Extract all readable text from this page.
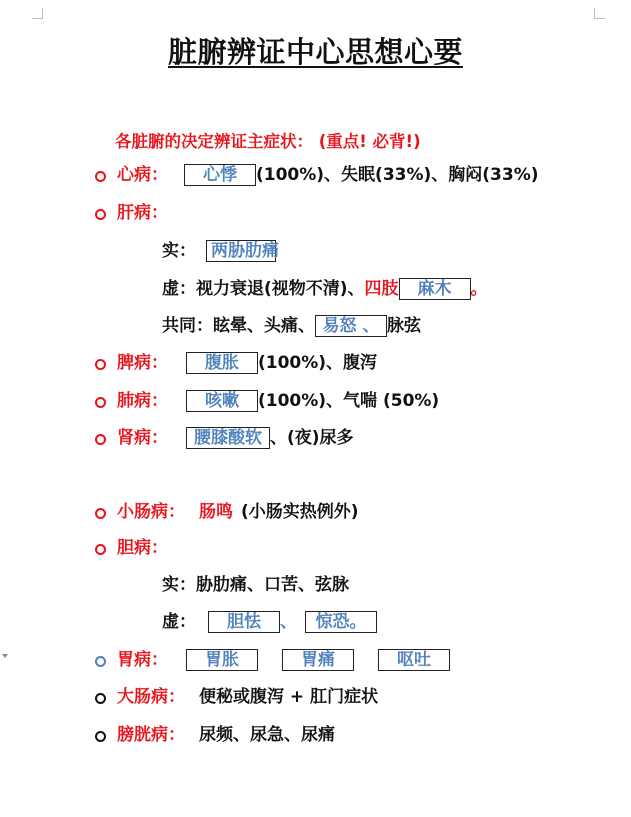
脏腑辨证中心思想心要
各脏腑的决定辨证主症状： (重点! 必背!)
心病： 心悸 (100%)、失眠(33%)、胸闷(33%)
肝病：
实： 两胁肋痛
虚：视力衰退(视物不清)、四肢 麻木 。
共同：眩晕、头痛、 易怒 、 脉弦
脾病： 腹胀 (100%)、腹泻
肺病： 咳嗽 (100%)、气喘 (50%)
肾病： 腰膝酸软 、(夜)尿多
小肠病： 肠鸣 (小肠实热例外)
胆病：
实：胁肋痛、口苦、弦脉
虚： 胆怯 、 惊恐。
胃病： 胃胀	胃痛	呕吐
大肠病： 便秘或腹泻 + 肛门症状
膀胱病： 尿频、尿急、尿痛
